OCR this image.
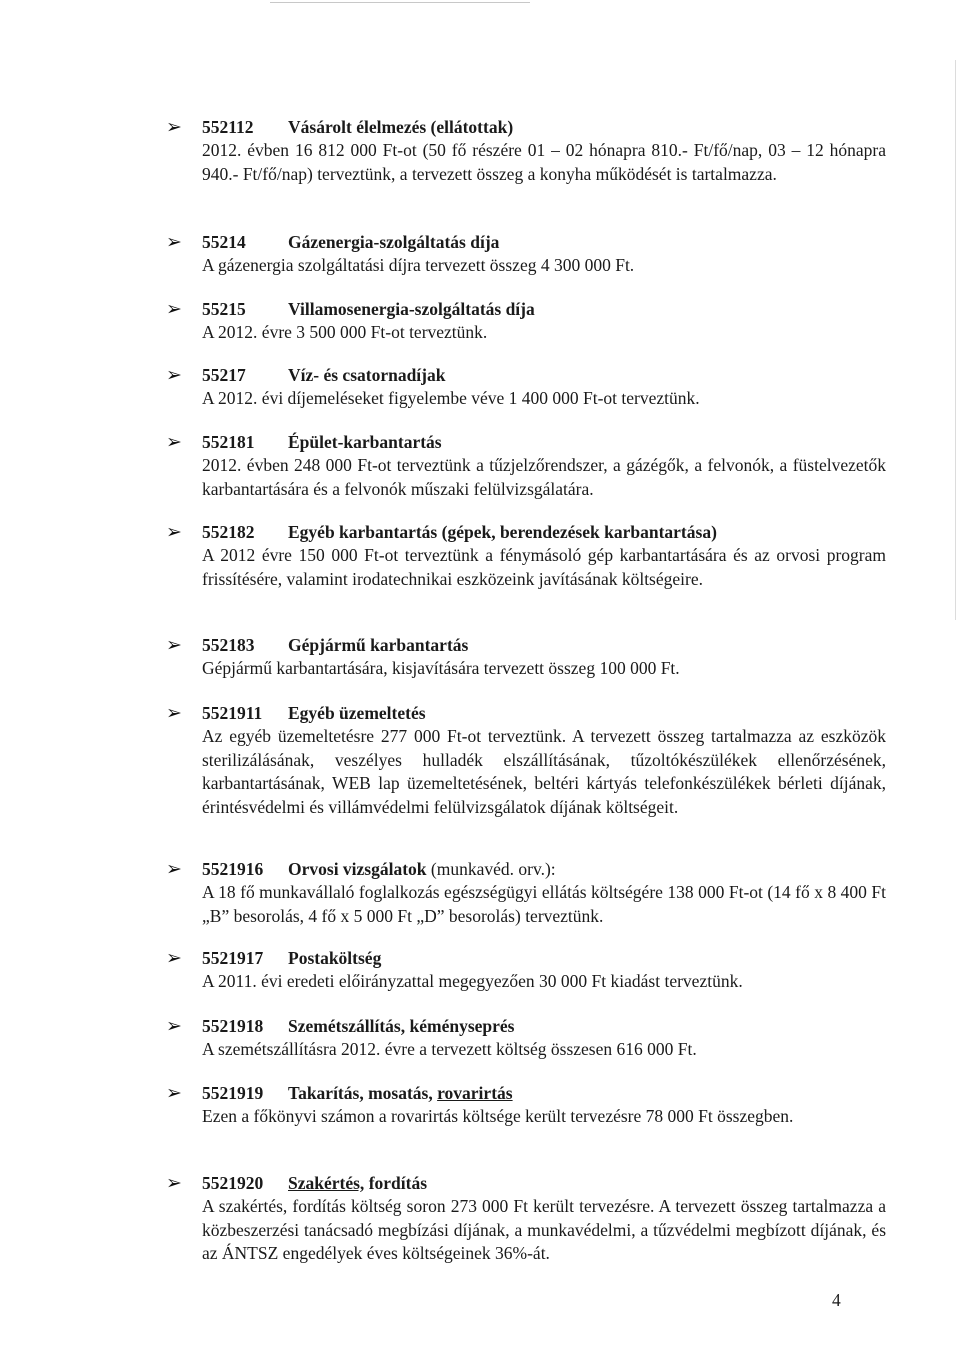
➢ 552112 Vásárolt élelmezés (ellátottak)
2012. évben 16 812 000 Ft-ot (50 fő részére 01 – 02 hónapra 810.- Ft/fő/nap, 03 – 12 hónapra 940.- Ft/fő/nap) terveztünk, a tervezett összeg a konyha működését is tartalmazza.
➢ 55214 Gázenergia-szolgáltatás díja
A gázenergia szolgáltatási díjra tervezett összeg 4 300 000 Ft.
➢ 55215 Villamosenergia-szolgáltatás díja
A 2012. évre 3 500 000 Ft-ot terveztünk.
➢ 55217 Víz- és csatornadíjak
A 2012. évi díjemeléseket figyelembe véve 1 400 000 Ft-ot terveztünk.
➢ 552181 Épület-karbantartás
2012. évben 248 000 Ft-ot terveztünk a tűzjelzőrendszer, a gázégők, a felvonók, a füstelvezetők karbantartására és a felvonók műszaki felülvizsgálatára.
➢ 552182 Egyéb karbantartás (gépek, berendezések karbantartása)
A 2012 évre 150 000 Ft-ot terveztünk a fénymásoló gép karbantartására és az orvosi program frissítésére, valamint irodatechnikai eszközeink javításának költségeire.
➢ 552183 Gépjármű karbantartás
Gépjármű karbantartására, kisjavítására tervezett összeg 100 000 Ft.
➢ 5521911 Egyéb üzemeltetés
Az egyéb üzemeltetésre 277 000 Ft-ot terveztünk. A tervezett összeg tartalmazza az eszközök sterilizálásának, veszélyes hulladék elszállításának, tűzoltókészülékek ellenőrzésének, karbantartásának, WEB lap üzemeltetésének, beltéri kártyás telefonkészülékek bérleti díjának, érintésvédelmi és villámvédelmi felülvizsgálatok díjának költségeit.
➢ 5521916 Orvosi vizsgálatok (munkavéd. orv.):
A 18 fő munkavállaló foglalkozás egészségügyi ellátás költségére 138 000 Ft-ot (14 fő x 8 400 Ft „B” besorolás, 4 fő x 5 000 Ft „D” besorolás) terveztünk.
➢ 5521917 Postaköltség
A 2011. évi eredeti előirányzattal megegyezően 30 000 Ft kiadást terveztünk.
➢ 5521918 Szemétszállítás, kéményseprés
A szemétszállításra 2012. évre a tervezett költség összesen 616 000 Ft.
➢ 5521919 Takarítás, mosatás, rovarirtás
Ezen a főkönyvi számon a rovarirtás költsége került tervezésre 78 000 Ft összegben.
➢ 5521920 Szakértés, fordítás
A szakértés, fordítás költség soron 273 000 Ft került tervezésre. A tervezett összeg tartalmazza a közbeszerzési tanácsadó megbízási díjának, a munkavédelmi, a tűzvédelmi megbízott díjának, és az ÁNTSZ engedélyek éves költségeinek 36%-át.
4
